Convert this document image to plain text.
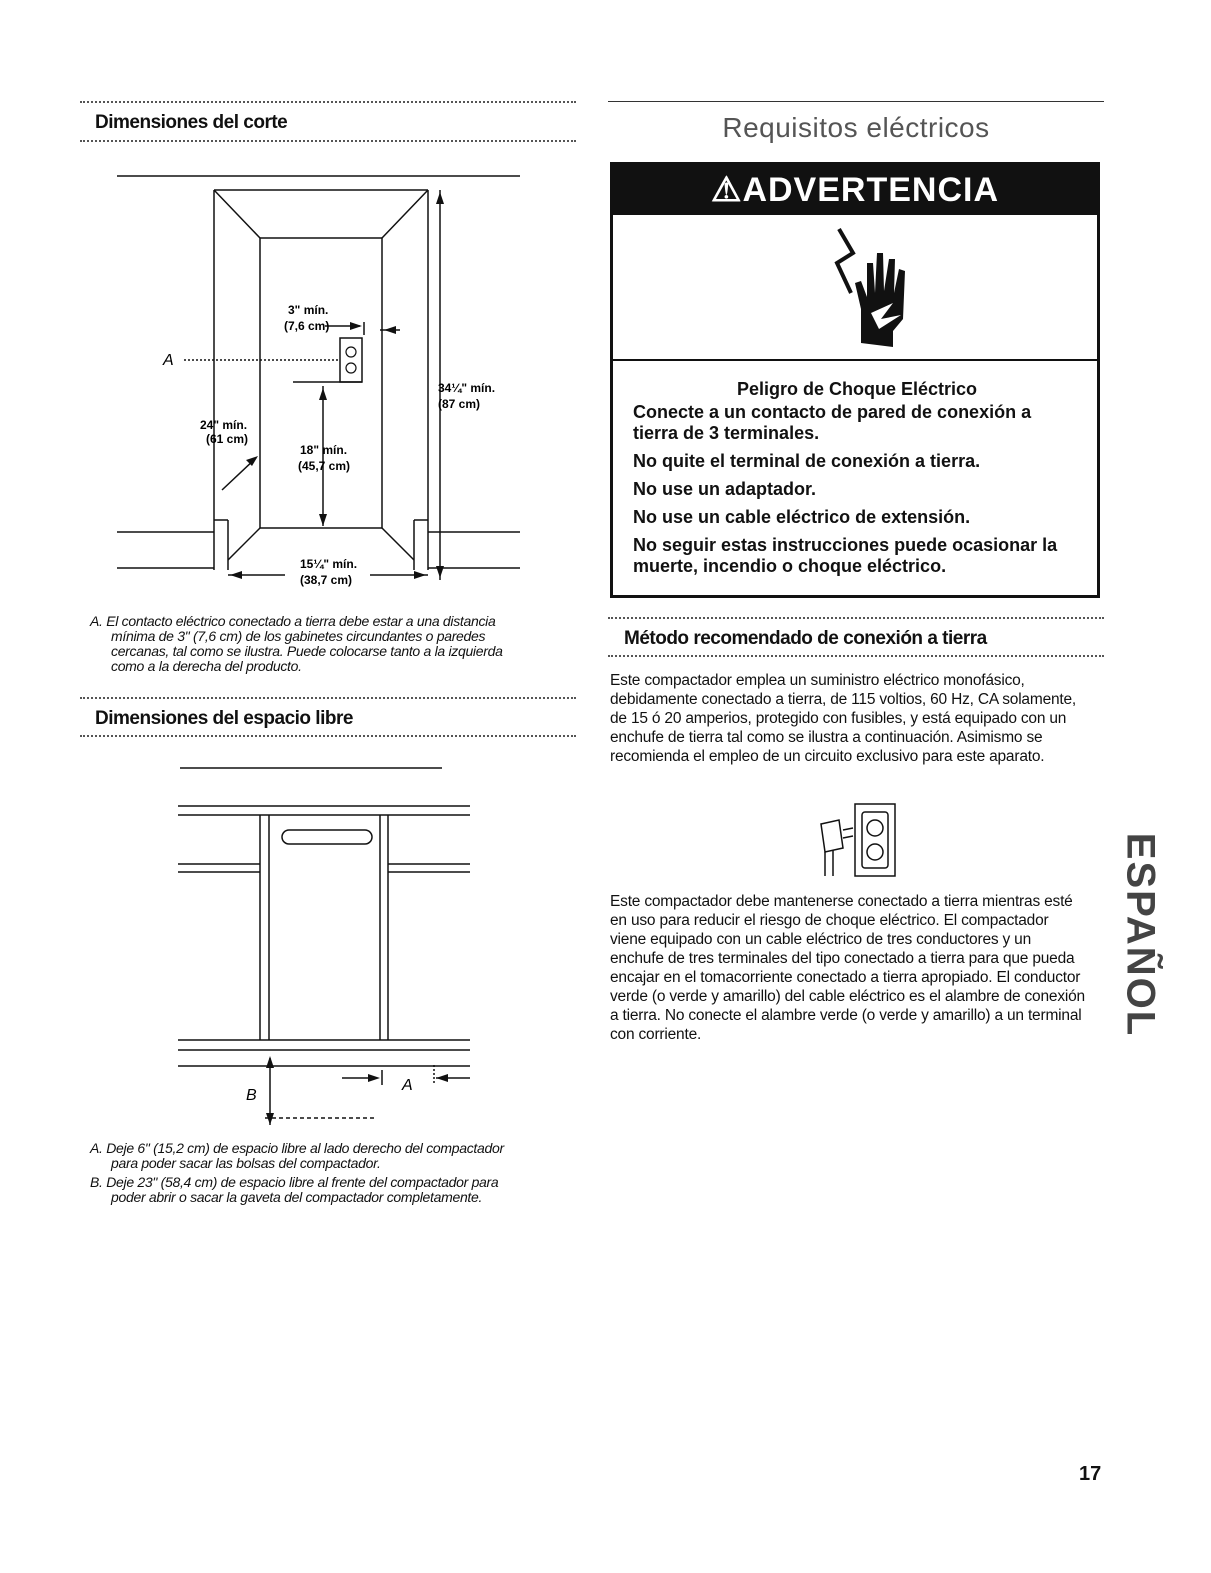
Dimensiones del corte
A
3" mín.
(7,6 cm)
34¼" mín.
(87 cm)
24" mín.
(61 cm)
18" mín.
(45,7 cm)
15¼" mín.
(38,7 cm)
A. El contacto eléctrico conectado a tierra debe estar a una distancia
mínima de 3" (7,6 cm) de los gabinetes circundantes o paredes
cercanas, tal como se ilustra. Puede colocarse tanto a la izquierda
como a la derecha del producto.
Dimensiones del espacio libre
B
A
A. Deje 6" (15,2 cm) de espacio libre al lado derecho del compactador
para poder sacar las bolsas del compactador.
B. Deje 23" (58,4 cm) de espacio libre al frente del compactador para
poder abrir o sacar la gaveta del compactador completamente.
Requisitos eléctricos
⚠ADVERTENCIA
Peligro de Choque Eléctrico
Conecte a un contacto de pared de conexión a tierra de 3 terminales.
No quite el terminal de conexión a tierra.
No use un adaptador.
No use un cable eléctrico de extensión.
No seguir estas instrucciones puede ocasionar la muerte, incendio o choque eléctrico.
Método recomendado de conexión a tierra
Este compactador emplea un suministro eléctrico monofásico, debidamente conectado a tierra, de 115 voltios, 60 Hz, CA solamente, de 15 ó 20 amperios, protegido con fusibles, y está equipado con un enchufe de tierra tal como se ilustra a continuación. Asimismo se recomienda el empleo de un circuito exclusivo para este aparato.
Este compactador debe mantenerse conectado a tierra mientras esté en uso para reducir el riesgo de choque eléctrico. El compactador viene equipado con un cable eléctrico de tres conductores y un enchufe de tres terminales del tipo conectado a tierra para que pueda encajar en el tomacorriente conectado a tierra apropiado. El conductor verde (o verde y amarillo) del cable eléctrico es el alambre de conexión a tierra. No conecte el alambre verde (o verde y amarillo) a un terminal con corriente.	ESPAÑOL
17
